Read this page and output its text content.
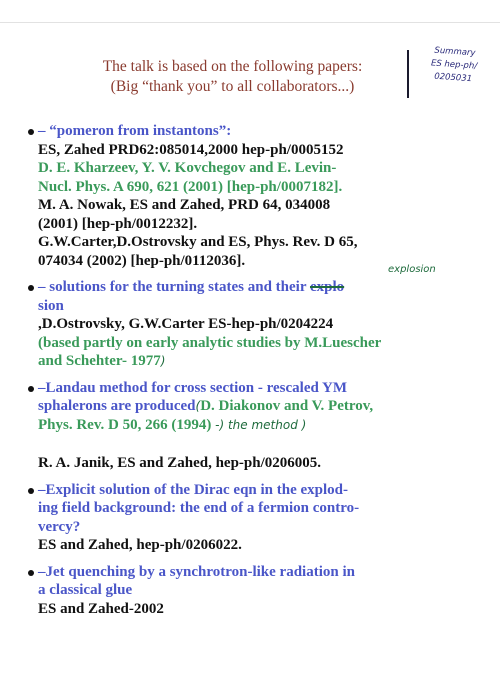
The talk is based on the following papers:
(Big “thank you” to all collaborators...)
Summary
ES hep-ph/
0205031
– “pomeron from instantons”:
ES, Zahed PRD62:085014,2000 hep-ph/0005152
D. E. Kharzeev, Y. V. Kovchegov and E. Levin-
Nucl. Phys. A 690, 621 (2001) [hep-ph/0007182].
M. A. Nowak, ES and Zahed, PRD 64, 034008
(2001) [hep-ph/0012232].
G.W.Carter,D.Ostrovsky and ES, Phys. Rev. D 65,
074034 (2002) [hep-ph/0112036].
– solutions for the turning states and their explo
sion
,D.Ostrovsky, G.W.Carter ES-hep-ph/0204224
(based partly on early analytic studies by M.Luescher
and Schehter- 1977)
–Landau method for cross section - rescaled YM
sphalerons are produced(D. Diakonov and V. Petrov,
Phys. Rev. D 50, 266 (1994) -) the method )
R. A. Janik, ES and Zahed, hep-ph/0206005.
–Explicit solution of the Dirac eqn in the explod-
ing field background: the end of a fermion contro-
vercy?
ES and Zahed, hep-ph/0206022.
–Jet quenching by a synchrotron-like radiation in
a classical glue
ES and Zahed-2002
explosion
